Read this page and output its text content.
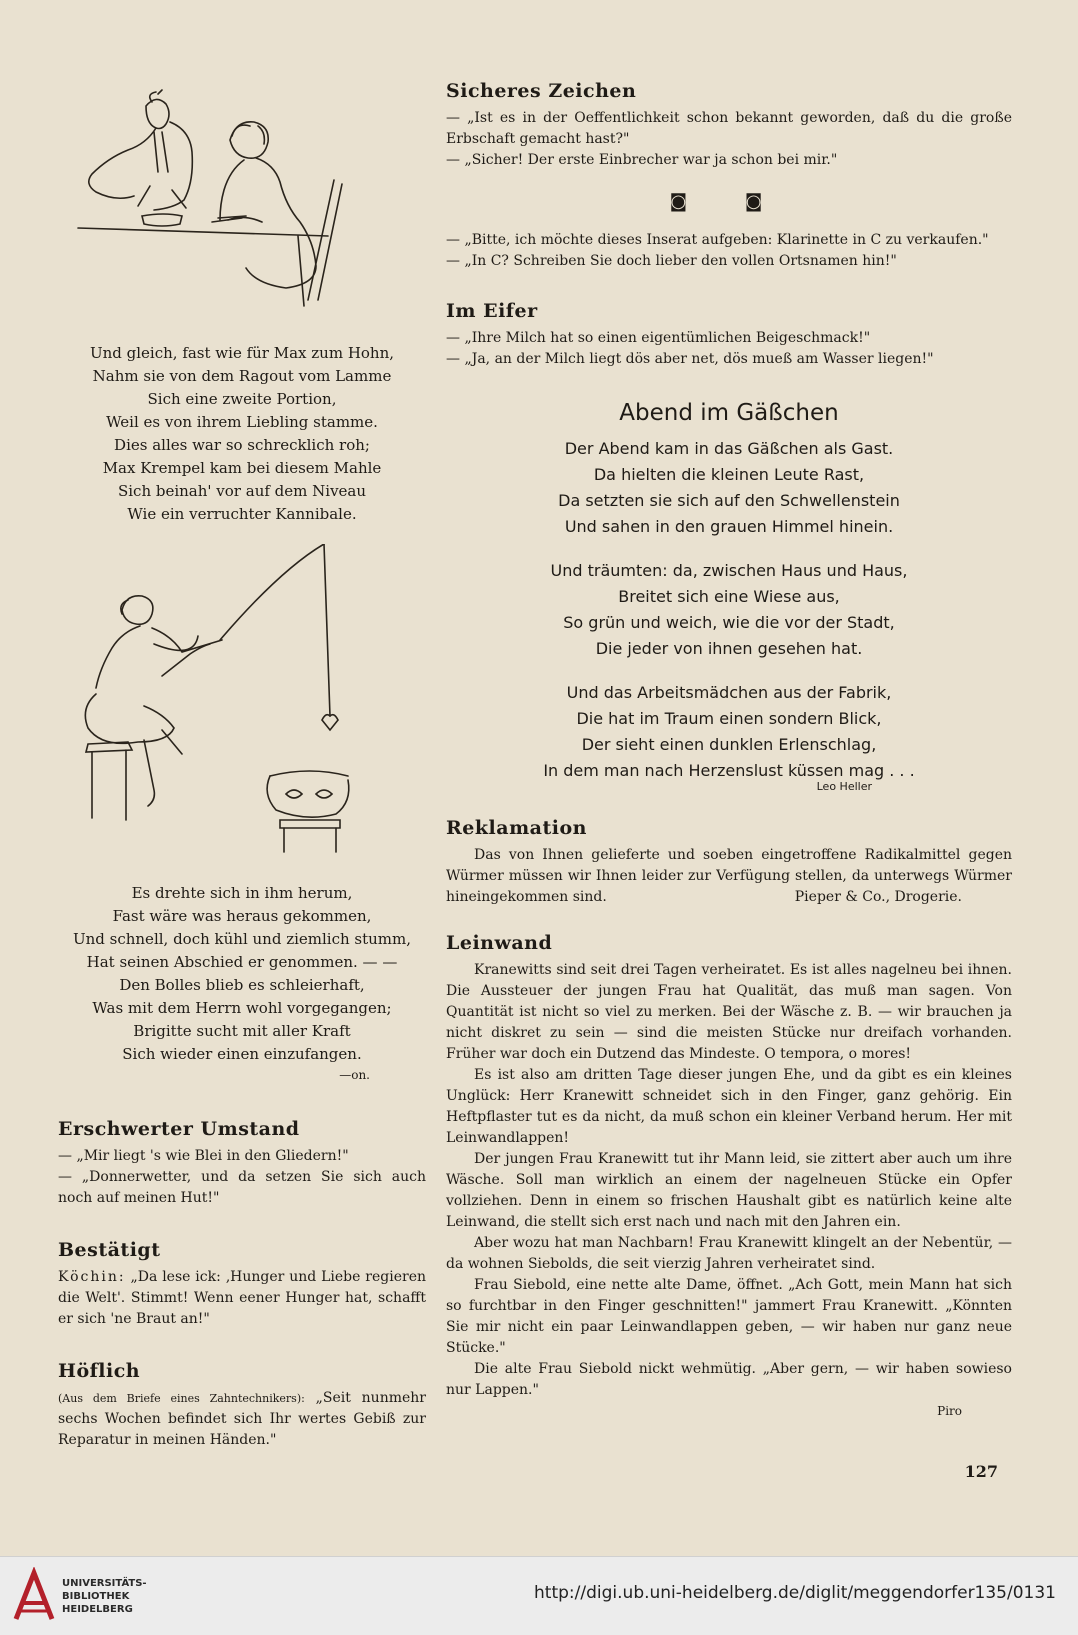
Und gleich, fast wie für Max zum Hohn,
Nahm sie von dem Ragout vom Lamme
Sich eine zweite Portion,
Weil es von ihrem Liebling stamme.
Dies alles war so schrecklich roh;
Max Krempel kam bei diesem Mahle
Sich beinah' vor auf dem Niveau
Wie ein verruchter Kannibale.
Es drehte sich in ihm herum,
Fast wäre was heraus gekommen,
Und schnell, doch kühl und ziemlich stumm,
Hat seinen Abschied er genommen. — —
Den Bolles blieb es schleierhaft,
Was mit dem Herrn wohl vorgegangen;
Brigitte sucht mit aller Kraft
Sich wieder einen einzufangen.
—on.
Erschwerter Umstand
— „Mir liegt 's wie Blei in den Gliedern!"
— „Donnerwetter, und da setzen Sie sich auch noch auf meinen Hut!"
Bestätigt
Köchin: „Da lese ick: ‚Hunger und Liebe regieren die Welt'. Stimmt! Wenn eener Hunger hat, schafft er sich 'ne Braut an!"
Höflich
(Aus dem Briefe eines Zahntechnikers): „Seit nunmehr sechs Wochen befindet sich Ihr wertes Gebiß zur Reparatur in meinen Händen."
Sicheres Zeichen
— „Ist es in der Oeffentlichkeit schon bekannt geworden, daß du die große Erbschaft gemacht hast?"
— „Sicher! Der erste Einbrecher war ja schon bei mir."
◙ ◙
— „Bitte, ich möchte dieses Inserat aufgeben: Klarinette in C zu verkaufen."
— „In C? Schreiben Sie doch lieber den vollen Ortsnamen hin!"
Im Eifer
— „Ihre Milch hat so einen eigentümlichen Beigeschmack!"
— „Ja, an der Milch liegt dös aber net, dös mueß am Wasser liegen!"
Abend im Gäßchen
Der Abend kam in das Gäßchen als Gast.
Da hielten die kleinen Leute Rast,
Da setzten sie sich auf den Schwellenstein
Und sahen in den grauen Himmel hinein.
Und träumten: da, zwischen Haus und Haus,
Breitet sich eine Wiese aus,
So grün und weich, wie die vor der Stadt,
Die jeder von ihnen gesehen hat.
Und das Arbeitsmädchen aus der Fabrik,
Die hat im Traum einen sondern Blick,
Der sieht einen dunklen Erlenschlag,
In dem man nach Herzenslust küssen mag . . .
Leo Heller
Reklamation
Das von Ihnen gelieferte und soeben eingetroffene Radikalmittel gegen Würmer müssen wir Ihnen leider zur Verfügung stellen, da unterwegs Würmer hineingekommen sind.	Pieper & Co., Drogerie.
Leinwand
Kranewitts sind seit drei Tagen verheiratet. Es ist alles nagelneu bei ihnen. Die Aussteuer der jungen Frau hat Qualität, das muß man sagen. Von Quantität ist nicht so viel zu merken. Bei der Wäsche z. B. — wir brauchen ja nicht diskret zu sein — sind die meisten Stücke nur dreifach vorhanden. Früher war doch ein Dutzend das Mindeste. O tempora, o mores!
Es ist also am dritten Tage dieser jungen Ehe, und da gibt es ein kleines Unglück: Herr Kranewitt schneidet sich in den Finger, ganz gehörig. Ein Heftpflaster tut es da nicht, da muß schon ein kleiner Verband herum. Her mit Leinwandlappen!
Der jungen Frau Kranewitt tut ihr Mann leid, sie zittert aber auch um ihre Wäsche. Soll man wirklich an einem der nagelneuen Stücke ein Opfer vollziehen. Denn in einem so frischen Haushalt gibt es natürlich keine alte Leinwand, die stellt sich erst nach und nach mit den Jahren ein.
Aber wozu hat man Nachbarn! Frau Kranewitt klingelt an der Nebentür, — da wohnen Siebolds, die seit vierzig Jahren verheiratet sind.
Frau Siebold, eine nette alte Dame, öffnet. „Ach Gott, mein Mann hat sich so furchtbar in den Finger geschnitten!" jammert Frau Kranewitt. „Könnten Sie mir nicht ein paar Leinwandlappen geben, — wir haben nur ganz neue Stücke."
Die alte Frau Siebold nickt wehmütig. „Aber gern, — wir haben sowieso nur Lappen."
Piro
127
UNIVERSITÄTS-
BIBLIOTHEK
HEIDELBERG
http://digi.ub.uni-heidelberg.de/diglit/meggendorfer135/0131
